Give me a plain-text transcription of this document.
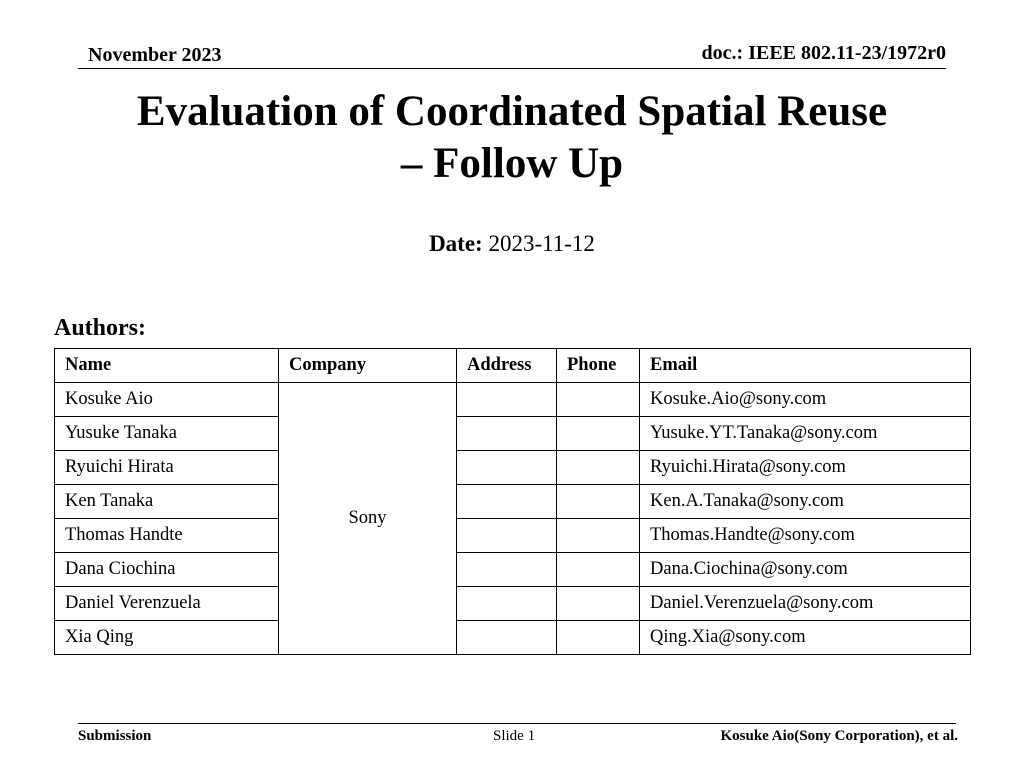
November 2023	doc.: IEEE 802.11-23/1972r0
Evaluation of Coordinated Spatial Reuse
– Follow Up
Date: 2023-11-12
Authors:
Name	Company	Address	Phone	Email
Kosuke Aio	Sony			Kosuke.Aio@sony.com
Yusuke Tanaka				Yusuke.YT.Tanaka@sony.com
Ryuichi Hirata				Ryuichi.Hirata@sony.com
Ken Tanaka				Ken.A.Tanaka@sony.com
Thomas Handte				Thomas.Handte@sony.com
Dana Ciochina				Dana.Ciochina@sony.com
Daniel Verenzuela				Daniel.Verenzuela@sony.com
Xia Qing				Qing.Xia@sony.com
Submission	Slide 1	Kosuke Aio(Sony Corporation), et al.
